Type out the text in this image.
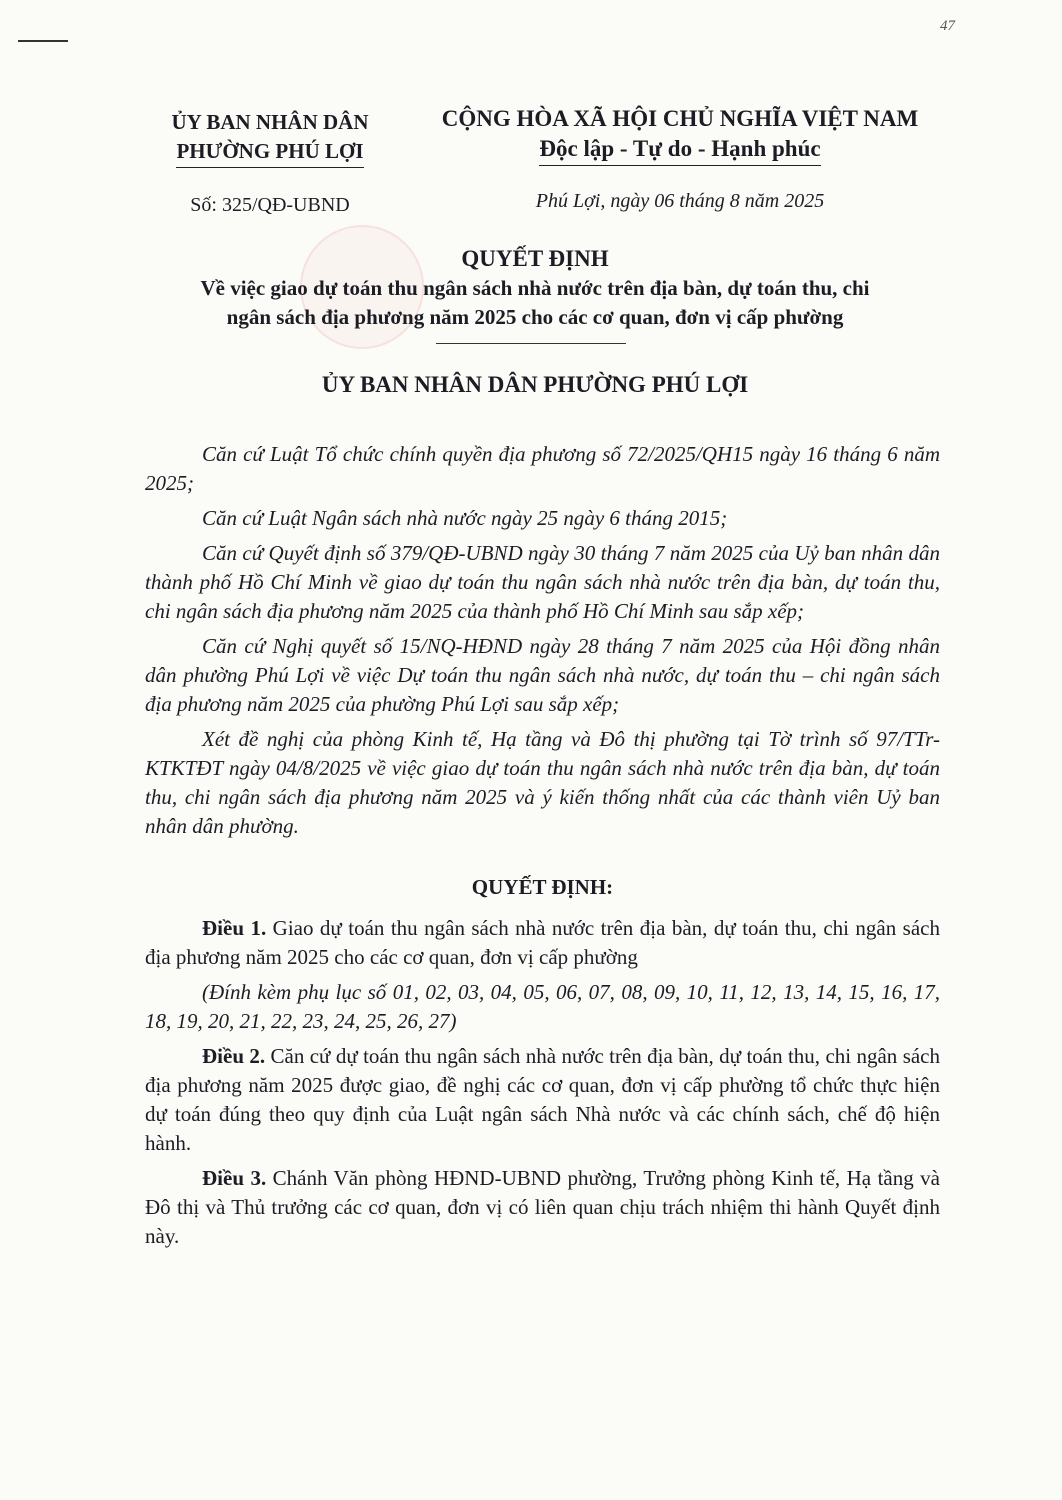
47
ỦY BAN NHÂN DÂN
PHƯỜNG PHÚ LỢI
CỘNG HÒA XÃ HỘI CHỦ NGHĨA VIỆT NAM
Độc lập - Tự do - Hạnh phúc
Số: 325/QĐ-UBND	Phú Lợi, ngày 06 tháng 8 năm 2025
QUYẾT ĐỊNH
Về việc giao dự toán thu ngân sách nhà nước trên địa bàn, dự toán thu, chi
ngân sách địa phương năm 2025 cho các cơ quan, đơn vị cấp phường
ỦY BAN NHÂN DÂN PHƯỜNG PHÚ LỢI

Căn cứ Luật Tổ chức chính quyền địa phương số 72/2025/QH15 ngày 16 tháng 6 năm 2025;

Căn cứ Luật Ngân sách nhà nước ngày 25 ngày 6 tháng 2015;

Căn cứ Quyết định số 379/QĐ-UBND ngày 30 tháng 7 năm 2025 của Uỷ ban nhân dân thành phố Hồ Chí Minh về giao dự toán thu ngân sách nhà nước trên địa bàn, dự toán thu, chi ngân sách địa phương năm 2025 của thành phố Hồ Chí Minh sau sắp xếp;

Căn cứ Nghị quyết số 15/NQ-HĐND ngày 28 tháng 7 năm 2025 của Hội đồng nhân dân phường Phú Lợi về việc Dự toán thu ngân sách nhà nước, dự toán thu – chi ngân sách địa phương năm 2025 của phường Phú Lợi sau sắp xếp;

Xét đề nghị của phòng Kinh tế, Hạ tầng và Đô thị phường tại Tờ trình số 97/TTr-KTKTĐT ngày 04/8/2025 về việc giao dự toán thu ngân sách nhà nước trên địa bàn, dự toán thu, chi ngân sách địa phương năm 2025 và ý kiến thống nhất của các thành viên Uỷ ban nhân dân phường.

QUYẾT ĐỊNH:

Điều 1. Giao dự toán thu ngân sách nhà nước trên địa bàn, dự toán thu, chi ngân sách địa phương năm 2025 cho các cơ quan, đơn vị cấp phường

(Đính kèm phụ lục số 01, 02, 03, 04, 05, 06, 07, 08, 09, 10, 11, 12, 13, 14, 15, 16, 17, 18, 19, 20, 21, 22, 23, 24, 25, 26, 27)

Điều 2. Căn cứ dự toán thu ngân sách nhà nước trên địa bàn, dự toán thu, chi ngân sách địa phương năm 2025 được giao, đề nghị các cơ quan, đơn vị cấp phường tổ chức thực hiện dự toán đúng theo quy định của Luật ngân sách Nhà nước và các chính sách, chế độ hiện hành.

Điều 3. Chánh Văn phòng HĐND-UBND phường, Trưởng phòng Kinh tế, Hạ tầng và Đô thị và Thủ trưởng các cơ quan, đơn vị có liên quan chịu trách nhiệm thi hành Quyết định này.
